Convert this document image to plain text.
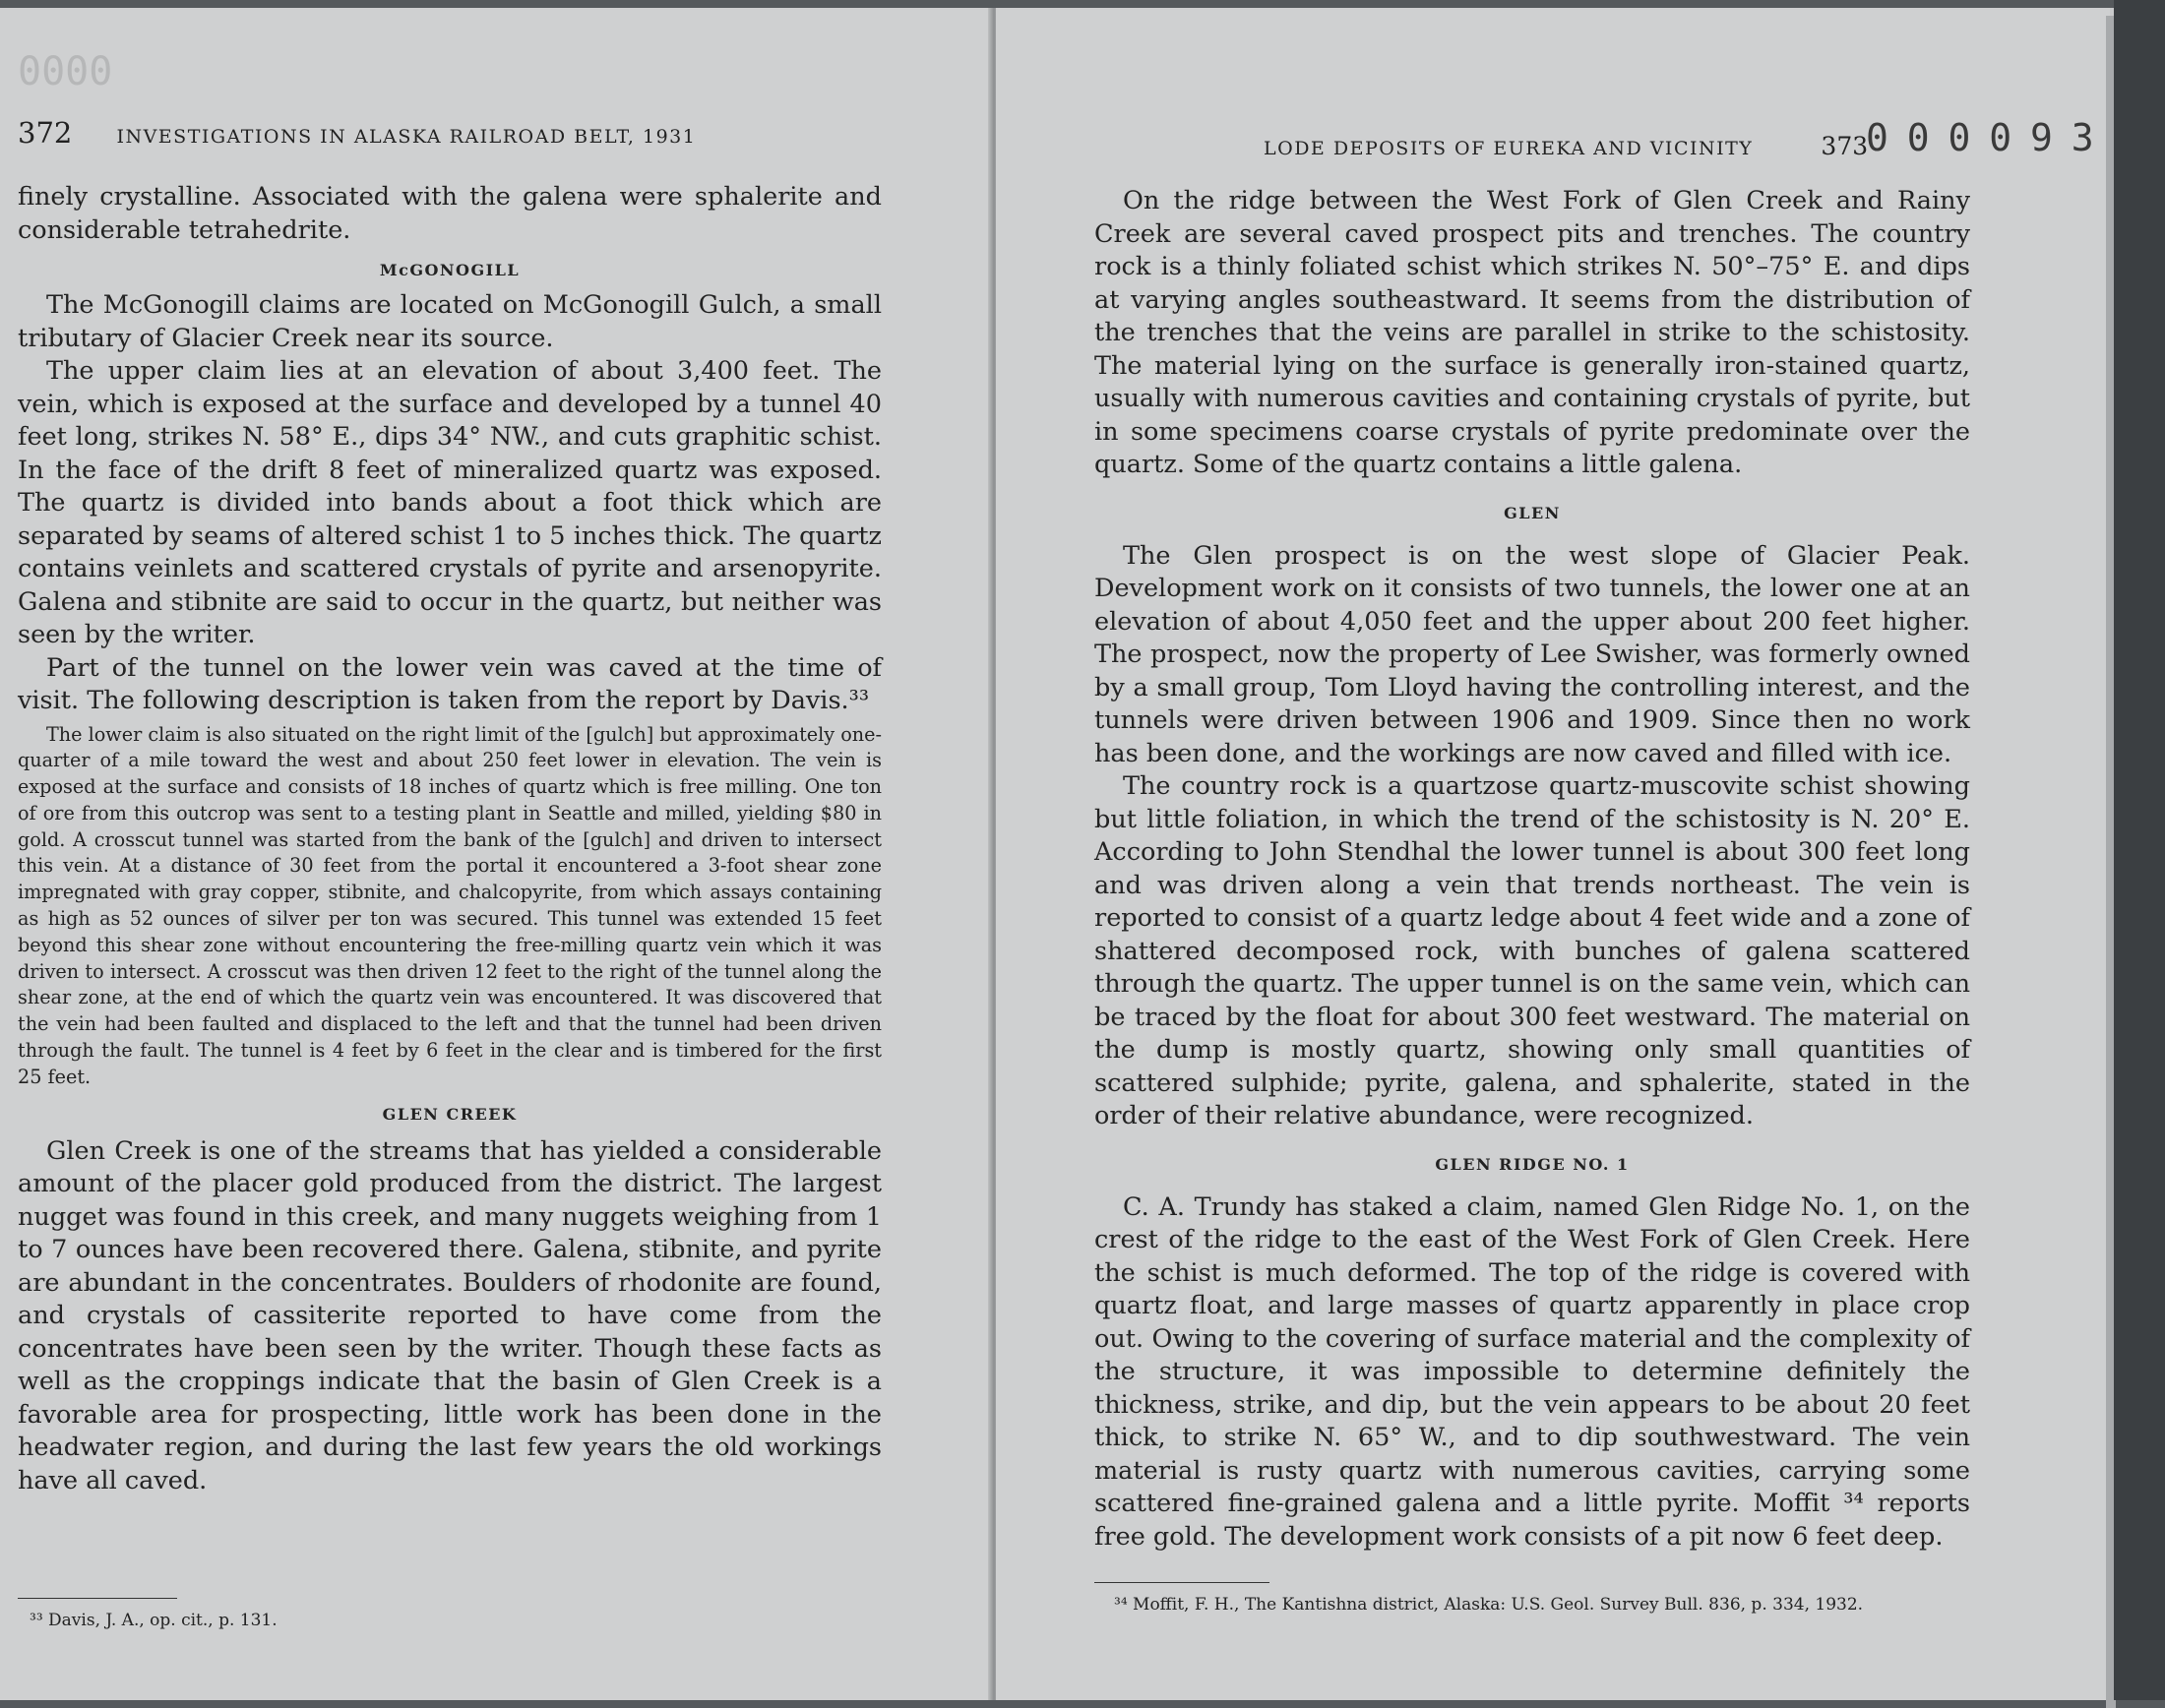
0000
372 INVESTIGATIONS IN ALASKA RAILROAD BELT, 1931

finely crystalline. Associated with the galena were sphalerite and considerable tetrahedrite.

McGONOGILL

The McGonogill claims are located on McGonogill Gulch, a small tributary of Glacier Creek near its source.

The upper claim lies at an elevation of about 3,400 feet. The vein, which is exposed at the surface and developed by a tunnel 40 feet long, strikes N. 58° E., dips 34° NW., and cuts graphitic schist. In the face of the drift 8 feet of mineralized quartz was exposed. The quartz is divided into bands about a foot thick which are separated by seams of altered schist 1 to 5 inches thick. The quartz contains veinlets and scattered crystals of pyrite and arsenopyrite. Galena and stibnite are said to occur in the quartz, but neither was seen by the writer.

Part of the tunnel on the lower vein was caved at the time of visit. The following description is taken from the report by Davis.³³

The lower claim is also situated on the right limit of the [gulch] but approximately one-quarter of a mile toward the west and about 250 feet lower in elevation. The vein is exposed at the surface and consists of 18 inches of quartz which is free milling. One ton of ore from this outcrop was sent to a testing plant in Seattle and milled, yielding $80 in gold. A crosscut tunnel was started from the bank of the [gulch] and driven to intersect this vein. At a distance of 30 feet from the portal it encountered a 3-foot shear zone impregnated with gray copper, stibnite, and chalcopyrite, from which assays containing as high as 52 ounces of silver per ton was secured. This tunnel was extended 15 feet beyond this shear zone without encountering the free-milling quartz vein which it was driven to intersect. A crosscut was then driven 12 feet to the right of the tunnel along the shear zone, at the end of which the quartz vein was encountered. It was discovered that the vein had been faulted and displaced to the left and that the tunnel had been driven through the fault. The tunnel is 4 feet by 6 feet in the clear and is timbered for the first 25 feet.

GLEN CREEK

Glen Creek is one of the streams that has yielded a considerable amount of the placer gold produced from the district. The largest nugget was found in this creek, and many nuggets weighing from 1 to 7 ounces have been recovered there. Galena, stibnite, and pyrite are abundant in the concentrates. Boulders of rhodonite are found, and crystals of cassiterite reported to have come from the concentrates have been seen by the writer. Though these facts as well as the croppings indicate that the basin of Glen Creek is a favorable area for prospecting, little work has been done in the headwater region, and during the last few years the old workings have all caved.

³³ Davis, J. A., op. cit., p. 131.
LODE DEPOSITS OF EUREKA AND VICINITY	373
0 0 0 0 9 3

On the ridge between the West Fork of Glen Creek and Rainy Creek are several caved prospect pits and trenches. The country rock is a thinly foliated schist which strikes N. 50°–75° E. and dips at varying angles southeastward. It seems from the distribution of the trenches that the veins are parallel in strike to the schistosity. The material lying on the surface is generally iron-stained quartz, usually with numerous cavities and containing crystals of pyrite, but in some specimens coarse crystals of pyrite predominate over the quartz. Some of the quartz contains a little galena.

GLEN

The Glen prospect is on the west slope of Glacier Peak. Development work on it consists of two tunnels, the lower one at an elevation of about 4,050 feet and the upper about 200 feet higher. The prospect, now the property of Lee Swisher, was formerly owned by a small group, Tom Lloyd having the controlling interest, and the tunnels were driven between 1906 and 1909. Since then no work has been done, and the workings are now caved and filled with ice.

The country rock is a quartzose quartz-muscovite schist showing but little foliation, in which the trend of the schistosity is N. 20° E. According to John Stendhal the lower tunnel is about 300 feet long and was driven along a vein that trends northeast. The vein is reported to consist of a quartz ledge about 4 feet wide and a zone of shattered decomposed rock, with bunches of galena scattered through the quartz. The upper tunnel is on the same vein, which can be traced by the float for about 300 feet westward. The material on the dump is mostly quartz, showing only small quantities of scattered sulphide; pyrite, galena, and sphalerite, stated in the order of their relative abundance, were recognized.

GLEN RIDGE NO. 1

C. A. Trundy has staked a claim, named Glen Ridge No. 1, on the crest of the ridge to the east of the West Fork of Glen Creek. Here the schist is much deformed. The top of the ridge is covered with quartz float, and large masses of quartz apparently in place crop out. Owing to the covering of surface material and the complexity of the structure, it was impossible to determine definitely the thickness, strike, and dip, but the vein appears to be about 20 feet thick, to strike N. 65° W., and to dip southwestward. The vein material is rusty quartz with numerous cavities, carrying some scattered fine-grained galena and a little pyrite. Moffit ³⁴ reports free gold. The development work consists of a pit now 6 feet deep.

³⁴ Moffit, F. H., The Kantishna district, Alaska: U.S. Geol. Survey Bull. 836, p. 334, 1932.
